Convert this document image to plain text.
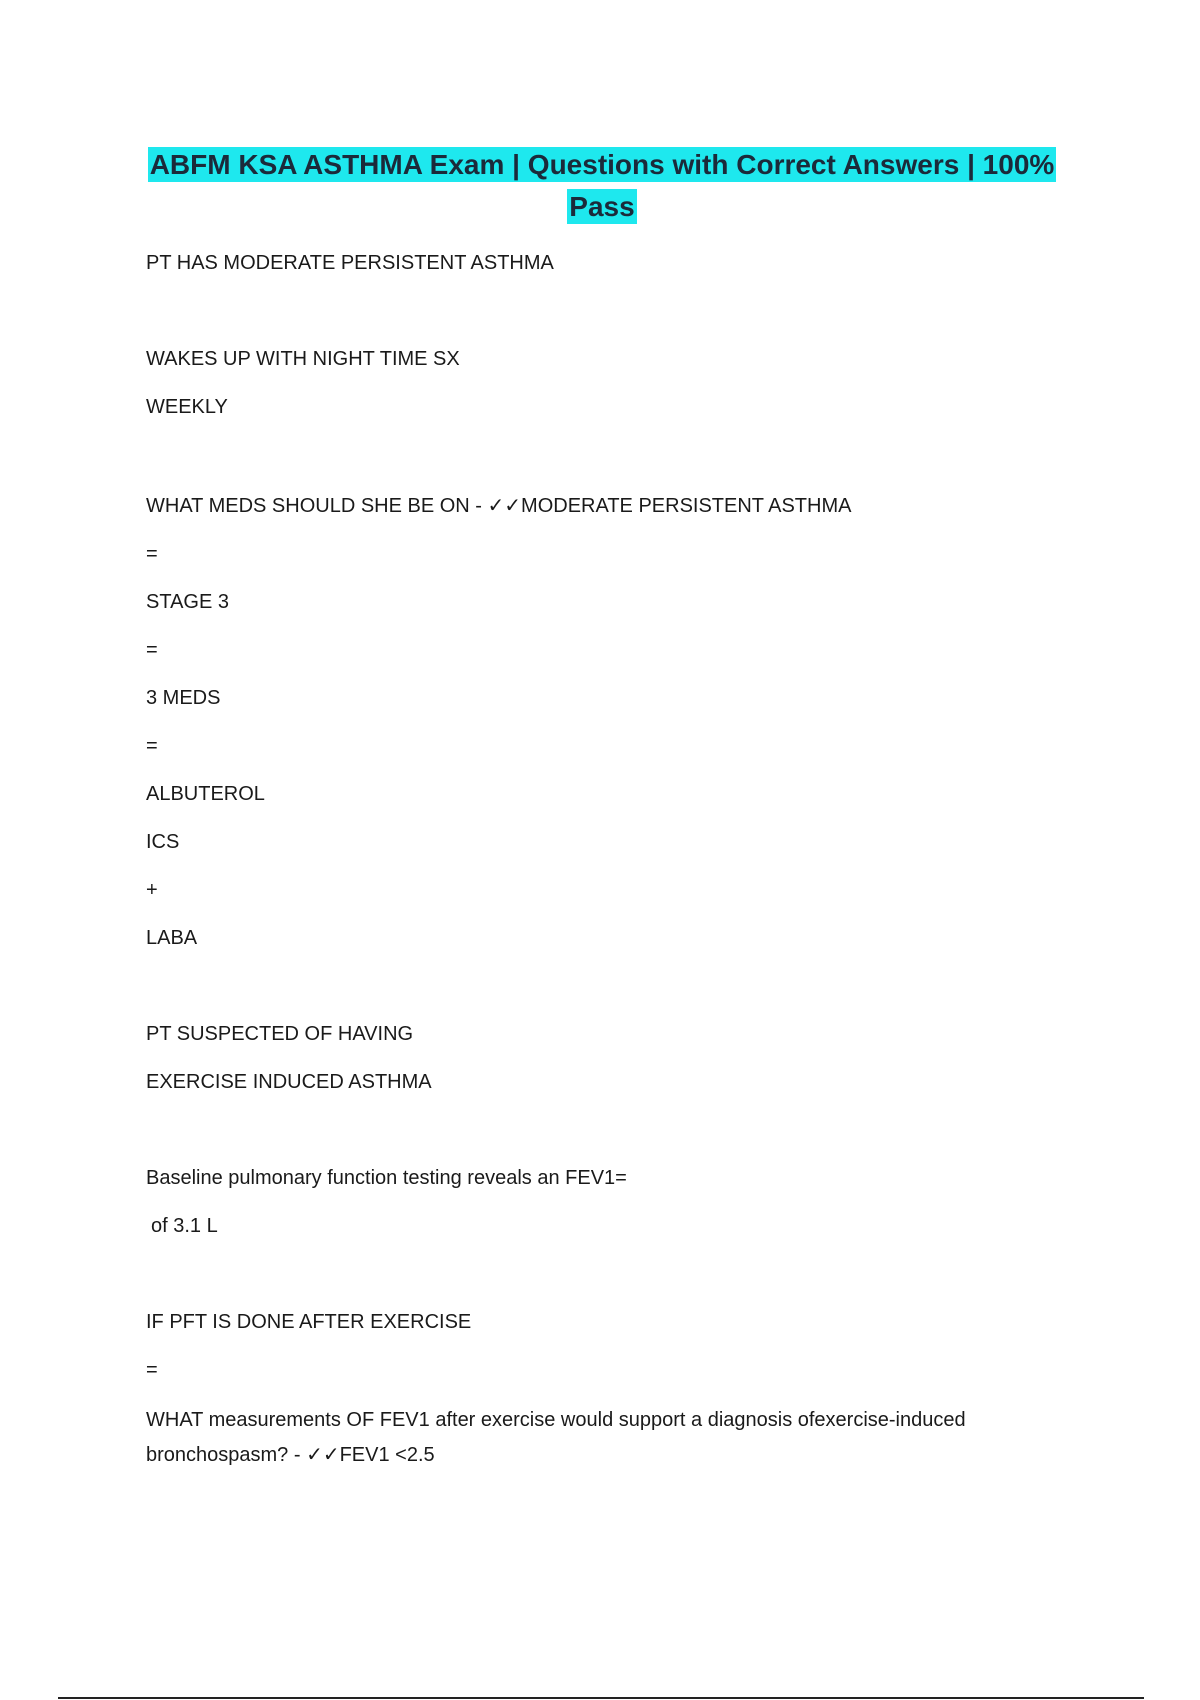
ABFM KSA ASTHMA Exam | Questions with Correct Answers | 100%
Pass
PT HAS MODERATE PERSISTENT ASTHMA
WAKES UP WITH NIGHT TIME SX
WEEKLY
WHAT MEDS SHOULD SHE BE ON - ✓✓MODERATE PERSISTENT ASTHMA
=
STAGE 3
=
3 MEDS
=
ALBUTEROL
ICS
+
LABA
PT SUSPECTED OF HAVING
EXERCISE INDUCED ASTHMA
Baseline pulmonary function testing reveals an FEV1=
of 3.1 L
IF PFT IS DONE AFTER EXERCISE
=
WHAT measurements OF FEV1 after exercise would support a diagnosis ofexercise-induced bronchospasm? - ✓✓FEV1 <2.5
